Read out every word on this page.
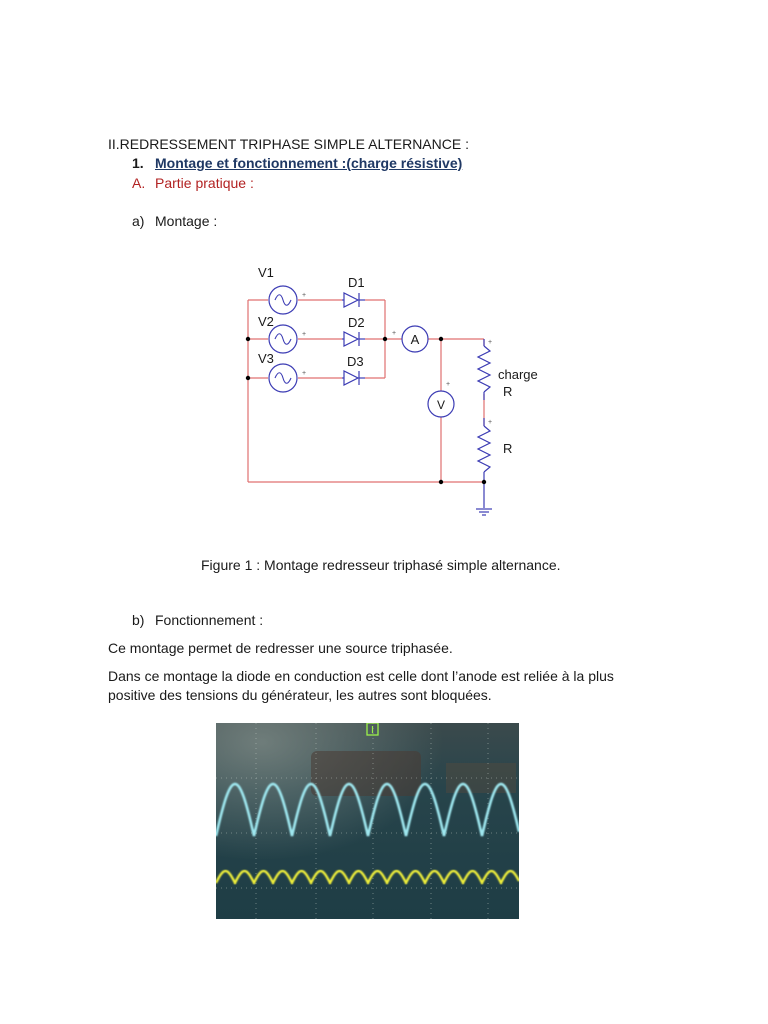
II.REDRESSEMENT TRIPHASE SIMPLE ALTERNANCE :
1. Montage et fonctionnement :(charge résistive)
A. Partie pratique :
a) Montage :
A
V
+
+
+
+
+
+
+
V1
V2
V3
D1
D2
D3
charge
R
R
Figure 1 : Montage redresseur triphasé simple alternance.
b) Fonctionnement :
Ce montage permet de redresser une source triphasée.
Dans ce montage la diode en conduction est celle dont l’anode est reliée à la plus
positive des tensions du générateur, les autres sont bloquées.
